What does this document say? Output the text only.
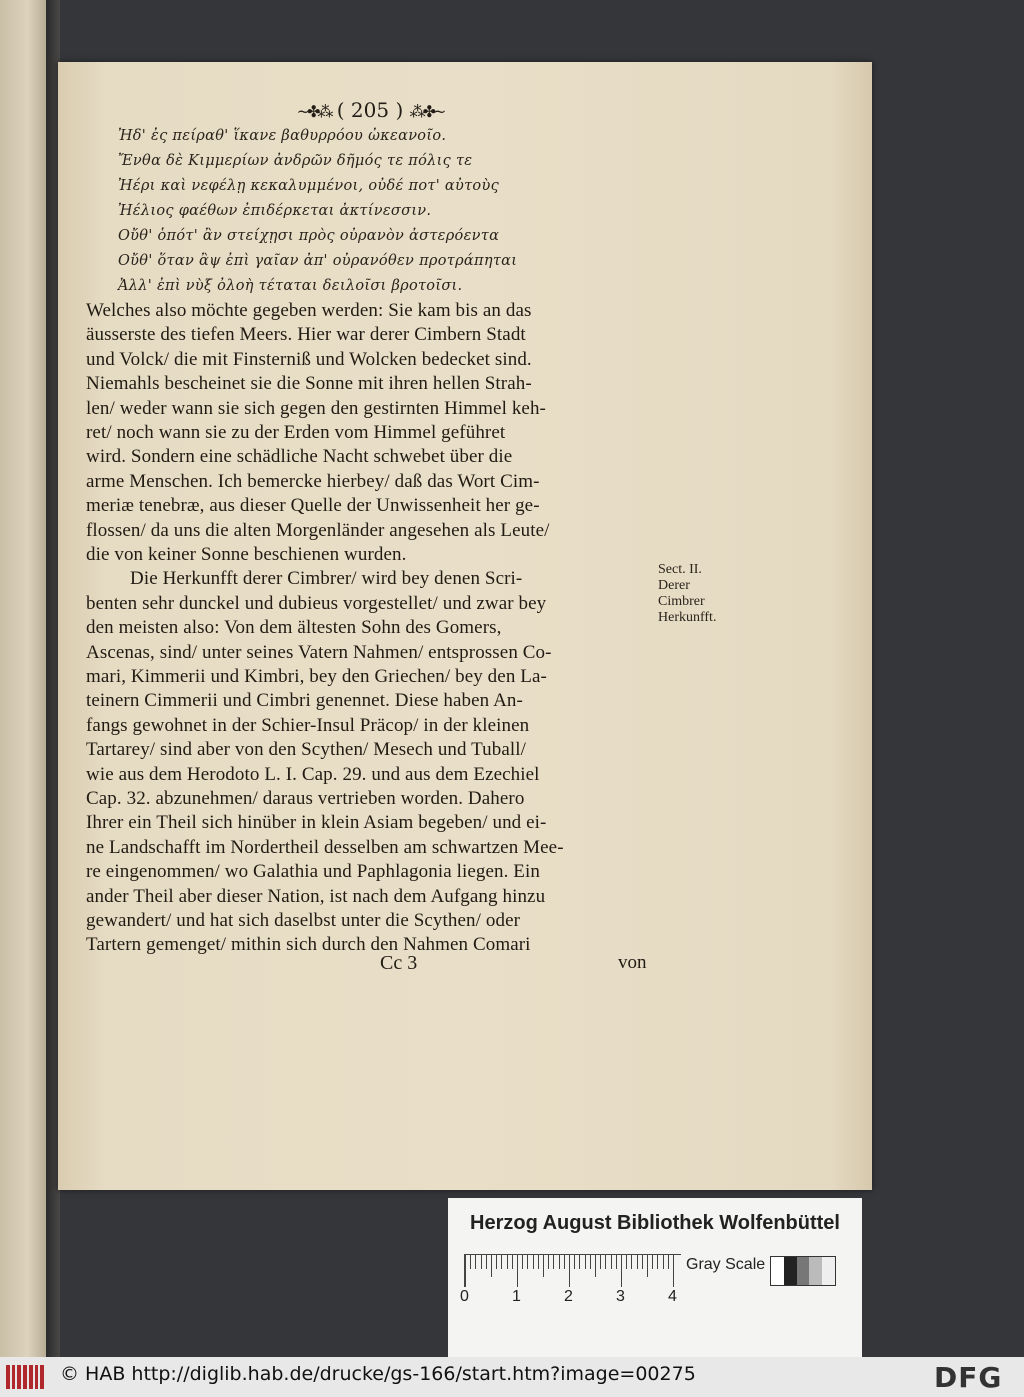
~✤⁂ ( 205 ) ⁂✤~
Ἠδ' ἐς πείραθ' ἵκανε βαθυρρόου ὠκεανοῖο.
Ἔνθα δὲ Κιμμερίων ἀνδρῶν δῆμός τε πόλις τε
Ἠέρι καὶ νεφέλῃ κεκαλυμμένοι, οὐδέ ποτ' αὐτοὺς
Ἠέλιος φαέθων ἐπιδέρκεται ἀκτίνεσσιν.
Οὔθ' ὁπότ' ἂν στείχῃσι πρὸς οὐρανὸν ἀστερόεντα
Οὔθ' ὅταν ἂψ ἐπὶ γαῖαν ἀπ' οὐρανόθεν προτράπηται
Ἀλλ' ἐπὶ νὺξ ὀλοὴ τέταται δειλοῖσι βροτοῖσι.
Welches also möchte gegeben werden: Sie kam bis an das
äusserste des tiefen Meers. Hier war derer Cimbern Stadt
und Volck/ die mit Finsterniß und Wolcken bedecket sind.
Niemahls bescheinet sie die Sonne mit ihren hellen Strah-
len/ weder wann sie sich gegen den gestirnten Himmel keh-
ret/ noch wann sie zu der Erden vom Himmel geführet
wird. Sondern eine schädliche Nacht schwebet über die
arme Menschen. Ich bemercke hierbey/ daß das Wort Cim-
meriæ tenebræ, aus dieser Quelle der Unwissenheit her ge-
flossen/ da uns die alten Morgenländer angesehen als Leute/
die von keiner Sonne beschienen wurden.
Die Herkunfft derer Cimbrer/ wird bey denen Scri-
benten sehr dunckel und dubieus vorgestellet/ und zwar bey
den meisten also: Von dem ältesten Sohn des Gomers,
Ascenas, sind/ unter seines Vatern Nahmen/ entsprossen Co-
mari, Kimmerii und Kimbri, bey den Griechen/ bey den La-
teinern Cimmerii und Cimbri genennet. Diese haben An-
fangs gewohnet in der Schier-Insul Präcop/ in der kleinen
Tartarey/ sind aber von den Scythen/ Mesech und Tuball/
wie aus dem Herodoto L. I. Cap. 29. und aus dem Ezechiel
Cap. 32. abzunehmen/ daraus vertrieben worden. Dahero
Ihrer ein Theil sich hinüber in klein Asiam begeben/ und ei-
ne Landschafft im Nordertheil desselben am schwartzen Mee-
re eingenommen/ wo Galathia und Paphlagonia liegen. Ein
ander Theil aber dieser Nation, ist nach dem Aufgang hinzu
gewandert/ und hat sich daselbst unter die Scythen/ oder
Tartern gemenget/ mithin sich durch den Nahmen Comari
Sect. II.
Derer
Cimbrer
Herkunfft.
Cc 3	von
Herzog August Bibliothek Wolfenbüttel
0	1	2	3	4
Gray Scale
© HAB http://diglib.hab.de/drucke/gs-166/start.htm?image=00275	DFG
